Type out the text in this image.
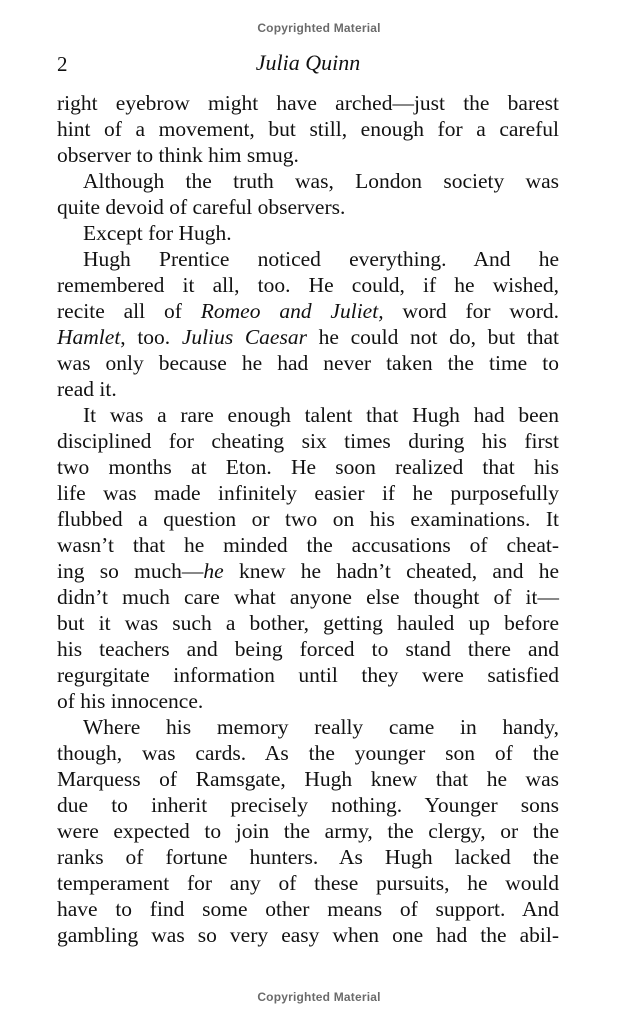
Copyrighted Material
2	Julia Quinn
right eyebrow might have arched—just the barest
hint of a movement, but still, enough for a careful
observer to think him smug.
Although the truth was, London society was
quite devoid of careful observers.
Except for Hugh.
Hugh Prentice noticed everything. And he
remembered it all, too. He could, if he wished,
recite all of Romeo and Juliet, word for word.
Hamlet, too. Julius Caesar he could not do, but that
was only because he had never taken the time to
read it.
It was a rare enough talent that Hugh had been
disciplined for cheating six times during his first
two months at Eton. He soon realized that his
life was made infinitely easier if he purposefully
flubbed a question or two on his examinations. It
wasn’t that he minded the accusations of cheat-
ing so much—he knew he hadn’t cheated, and he
didn’t much care what anyone else thought of it—
but it was such a bother, getting hauled up before
his teachers and being forced to stand there and
regurgitate information until they were satisfied
of his innocence.
Where his memory really came in handy,
though, was cards. As the younger son of the
Marquess of Ramsgate, Hugh knew that he was
due to inherit precisely nothing. Younger sons
were expected to join the army, the clergy, or the
ranks of fortune hunters. As Hugh lacked the
temperament for any of these pursuits, he would
have to find some other means of support. And
gambling was so very easy when one had the abil-
Copyrighted Material
